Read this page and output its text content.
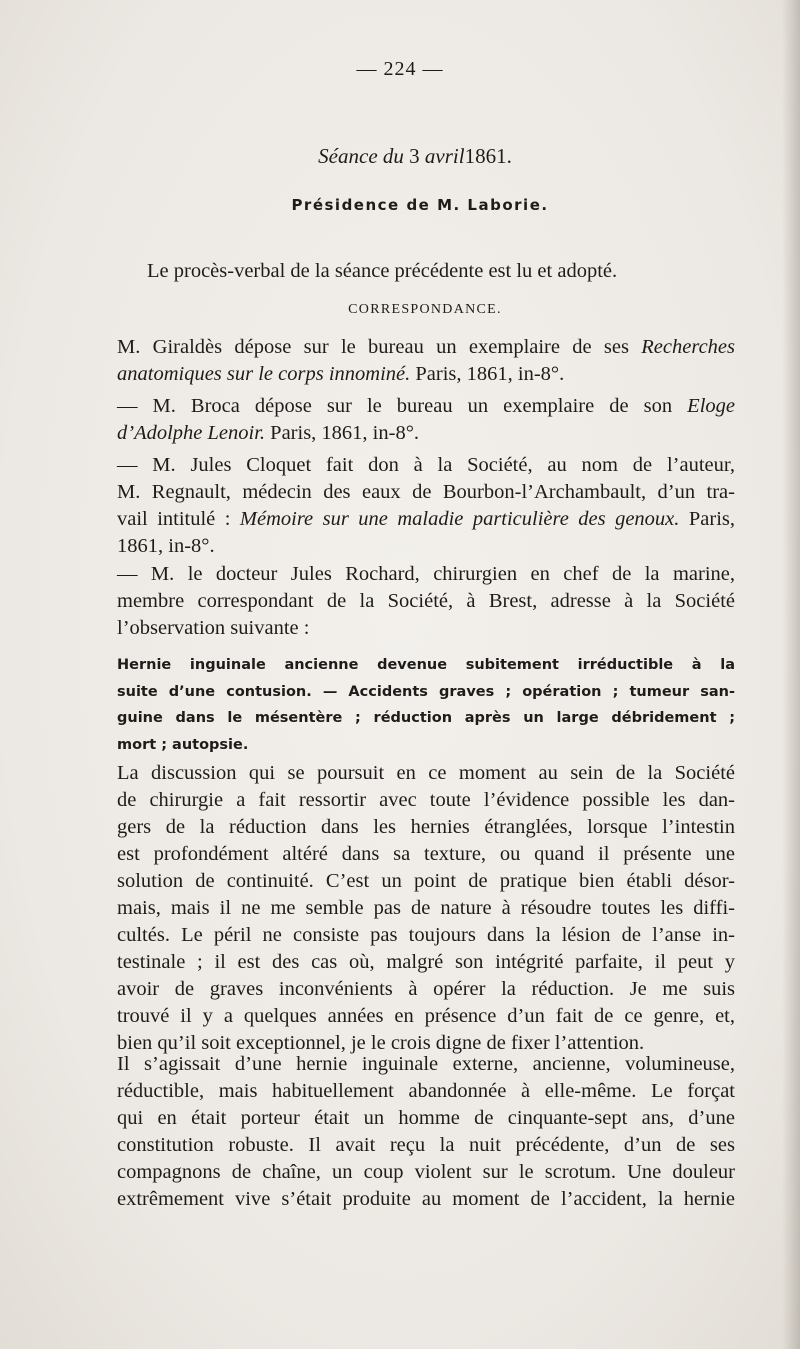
— 224 —
Séance du 3 avril1861.
Présidence de M. Laborie.
Le procès-verbal de la séance précédente est lu et adopté.
CORRESPONDANCE.
M. Giraldès dépose sur le bureau un exemplaire de ses Recherches
anatomiques sur le corps innominé. Paris, 1861, in-8°.
— M. Broca dépose sur le bureau un exemplaire de son Eloge
d’Adolphe Lenoir. Paris, 1861, in-8°.
— M. Jules Cloquet fait don à la Société, au nom de l’auteur,
M. Regnault, médecin des eaux de Bourbon-l’Archambault, d’un tra-
vail intitulé : Mémoire sur une maladie particulière des genoux. Paris,
1861, in-8°.
— M. le docteur Jules Rochard, chirurgien en chef de la marine,
membre correspondant de la Société, à Brest, adresse à la Société
l’observation suivante :
Hernie inguinale ancienne devenue subitement irréductible à la
suite d’une contusion. — Accidents graves ; opération ; tumeur san-
guine dans le mésentère ; réduction après un large débridement ;
mort ; autopsie.
La discussion qui se poursuit en ce moment au sein de la Société
de chirurgie a fait ressortir avec toute l’évidence possible les dan-
gers de la réduction dans les hernies étranglées, lorsque l’intestin
est profondément altéré dans sa texture, ou quand il présente une
solution de continuité. C’est un point de pratique bien établi désor-
mais, mais il ne me semble pas de nature à résoudre toutes les diffi-
cultés. Le péril ne consiste pas toujours dans la lésion de l’anse in-
testinale ; il est des cas où, malgré son intégrité parfaite, il peut y
avoir de graves inconvénients à opérer la réduction. Je me suis
trouvé il y a quelques années en présence d’un fait de ce genre, et,
bien qu’il soit exceptionnel, je le crois digne de fixer l’attention.
Il s’agissait d’une hernie inguinale externe, ancienne, volumineuse,
réductible, mais habituellement abandonnée à elle-même. Le forçat
qui en était porteur était un homme de cinquante-sept ans, d’une
constitution robuste. Il avait reçu la nuit précédente, d’un de ses
compagnons de chaîne, un coup violent sur le scrotum. Une douleur
extrêmement vive s’était produite au moment de l’accident, la hernie
